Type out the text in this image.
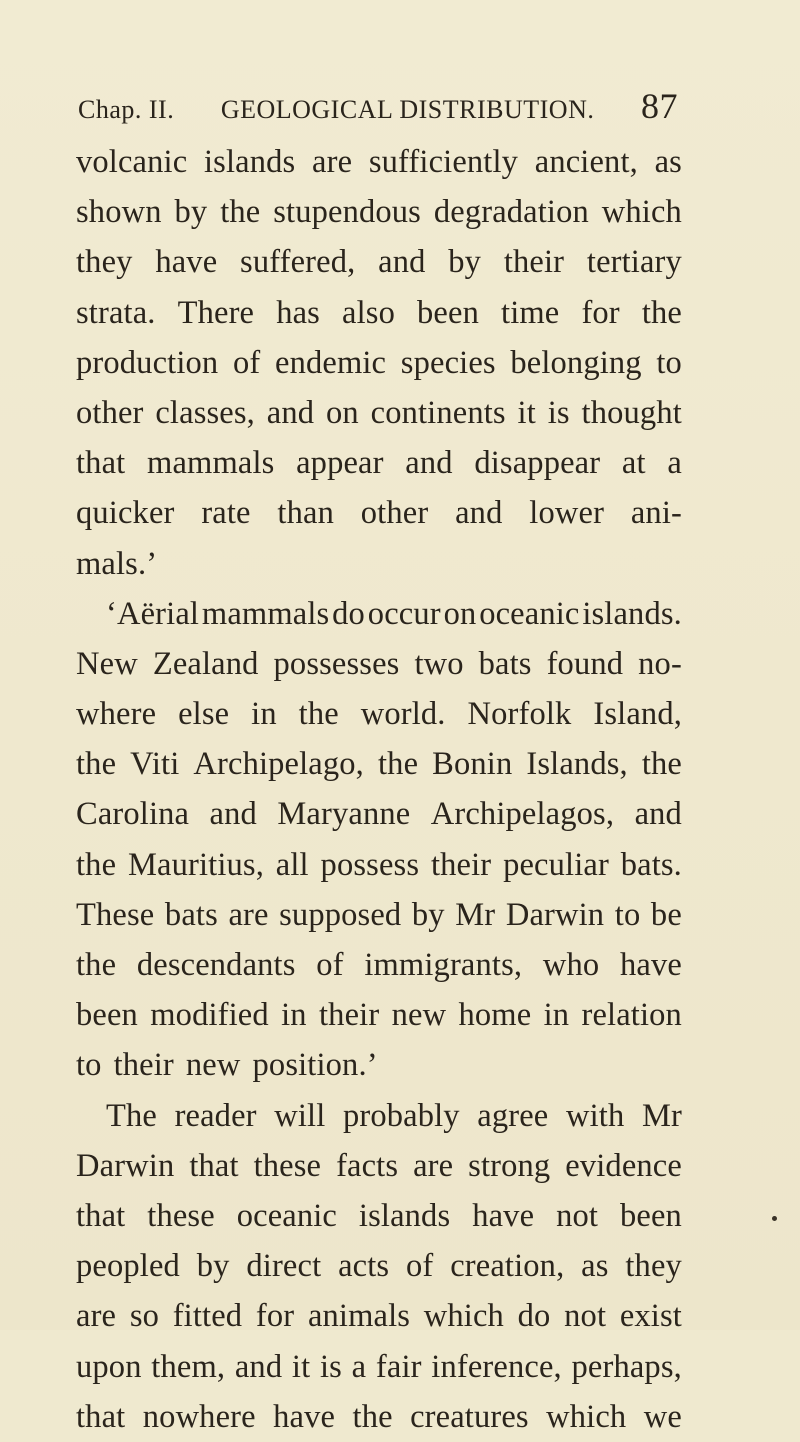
Chap. II. GEOLOGICAL DISTRIBUTION. 87
volcanic islands are sufficiently ancient, as
shown by the stupendous degradation which
they have suffered, and by their tertiary
strata. There has also been time for the
production of endemic species belonging to
other classes, and on continents it is thought
that mammals appear and disappear at a
quicker rate than other and lower ani-
mals.’
‘Aërial mammals do occur on oceanic islands.
New Zealand possesses two bats found no-
where else in the world. Norfolk Island,
the Viti Archipelago, the Bonin Islands, the
Carolina and Maryanne Archipelagos, and
the Mauritius, all possess their peculiar bats.
These bats are supposed by Mr Darwin to be
the descendants of immigrants, who have
been modified in their new home in relation
to their new position.’
The reader will probably agree with Mr
Darwin that these facts are strong evidence
that these oceanic islands have not been
peopled by direct acts of creation, as they
are so fitted for animals which do not exist
upon them, and it is a fair inference, perhaps,
that nowhere have the creatures which we
